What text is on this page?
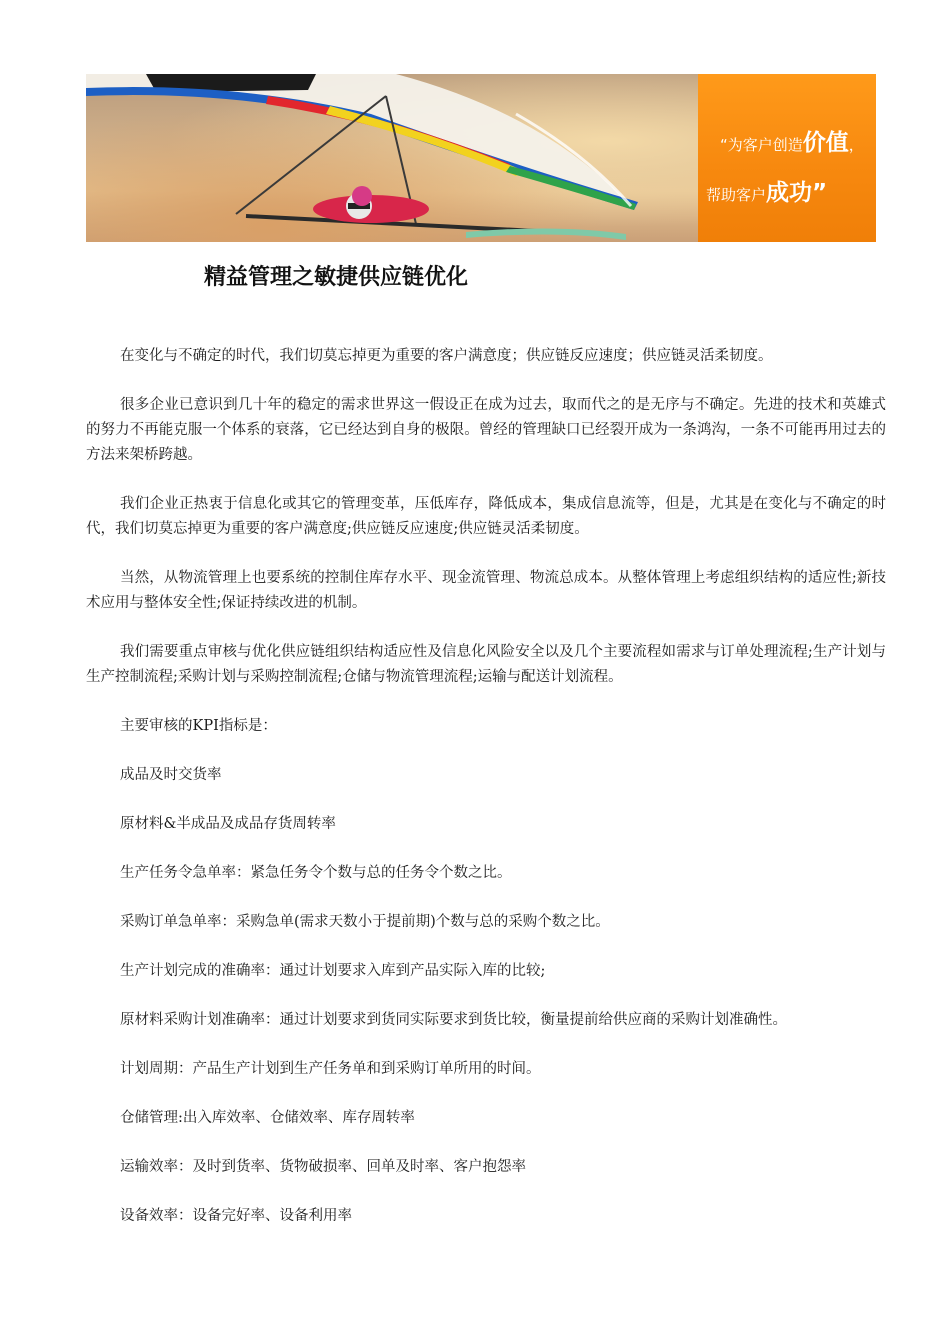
“为客户创造价值，
帮助客户成功”
精益管理之敏捷供应链优化

在变化与不确定的时代，我们切莫忘掉更为重要的客户满意度；供应链反应速度；供应链灵活柔韧度。

很多企业已意识到几十年的稳定的需求世界这一假设正在成为过去，取而代之的是无序与不确定。先进的技术和英雄式的努力不再能克服一个体系的衰落，它已经达到自身的极限。曾经的管理缺口已经裂开成为一条鸿沟，一条不可能再用过去的方法来架桥跨越。

我们企业正热衷于信息化或其它的管理变革，压低库存，降低成本，集成信息流等，但是，尤其是在变化与不确定的时代，我们切莫忘掉更为重要的客户满意度;供应链反应速度;供应链灵活柔韧度。

当然，从物流管理上也要系统的控制住库存水平、现金流管理、物流总成本。从整体管理上考虑组织结构的适应性;新技术应用与整体安全性;保证持续改进的机制。

我们需要重点审核与优化供应链组织结构适应性及信息化风险安全以及几个主要流程如需求与订单处理流程;生产计划与生产控制流程;采购计划与采购控制流程;仓储与物流管理流程;运输与配送计划流程。

主要审核的KPI指标是：
成品及时交货率
原材料&半成品及成品存货周转率
生产任务令急单率：紧急任务令个数与总的任务令个数之比。
采购订单急单率：采购急单(需求天数小于提前期)个数与总的采购个数之比。
生产计划完成的准确率：通过计划要求入库到产品实际入库的比较;
原材料采购计划准确率：通过计划要求到货同实际要求到货比较，衡量提前给供应商的采购计划准确性。
计划周期：产品生产计划到生产任务单和到采购订单所用的时间。
仓储管理:出入库效率、仓储效率、库存周转率
运输效率：及时到货率、货物破损率、回单及时率、客户抱怨率
设备效率：设备完好率、设备利用率
